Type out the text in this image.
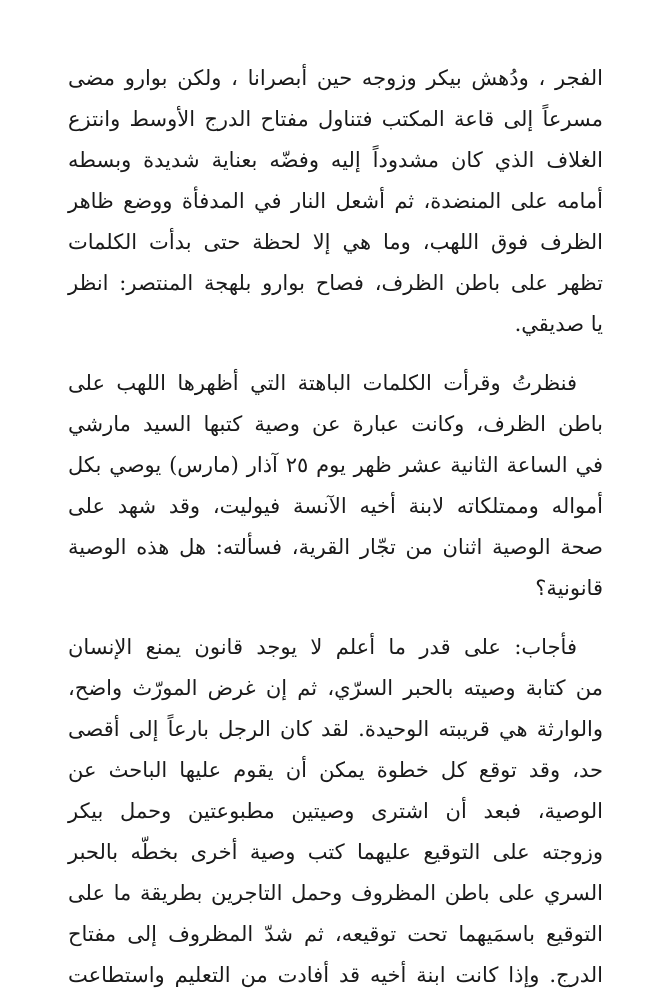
الفجر ، ودُهش بيكر وزوجه حين أبصرانا ، ولكن بوارو مضى
مسرعاً إلى قاعة المكتب فتناول مفتاح الدرج الأوسط وانتزع
الغلاف الذي كان مشدوداً إليه وفضّه بعناية شديدة وبسطه
أمامه على المنضدة، ثم أشعل النار في المدفأة ووضع ظاهر
الظرف فوق اللهب، وما هي إلا لحظة حتى بدأت الكلمات
تظهر على باطن الظرف، فصاح بوارو بلهجة المنتصر: انظر
يا صديقي.

فنظرتُ وقرأت الكلمات الباهتة التي أظهرها اللهب على
باطن الظرف، وكانت عبارة عن وصية كتبها السيد مارشي
في الساعة الثانية عشر ظهر يوم ٢٥ آذار (مارس) يوصي بكل
أمواله وممتلكاته لابنة أخيه الآنسة فيوليت، وقد شهد على
صحة الوصية اثنان من تجّار القرية، فسألته: هل هذه الوصية
قانونية؟

فأجاب: على قدر ما أعلم لا يوجد قانون يمنع الإنسان
من كتابة وصيته بالحبر السرّي، ثم إن غرض المورّث واضح،
والوارثة هي قريبته الوحيدة. لقد كان الرجل بارعاً إلى أقصى
حد، وقد توقع كل خطوة يمكن أن يقوم عليها الباحث عن
الوصية، فبعد أن اشترى وصيتين مطبوعتين وحمل بيكر
وزوجته على التوقيع عليهما كتب وصية أخرى بخطّه بالحبر
السري على باطن المظروف وحمل التاجرين بطريقة ما على
التوقيع باسمَيهما تحت توقيعه، ثم شدّ المظروف إلى مفتاح
الدرج. وإذا كانت ابنة أخيه قد أفادت من التعليم واستطاعت
